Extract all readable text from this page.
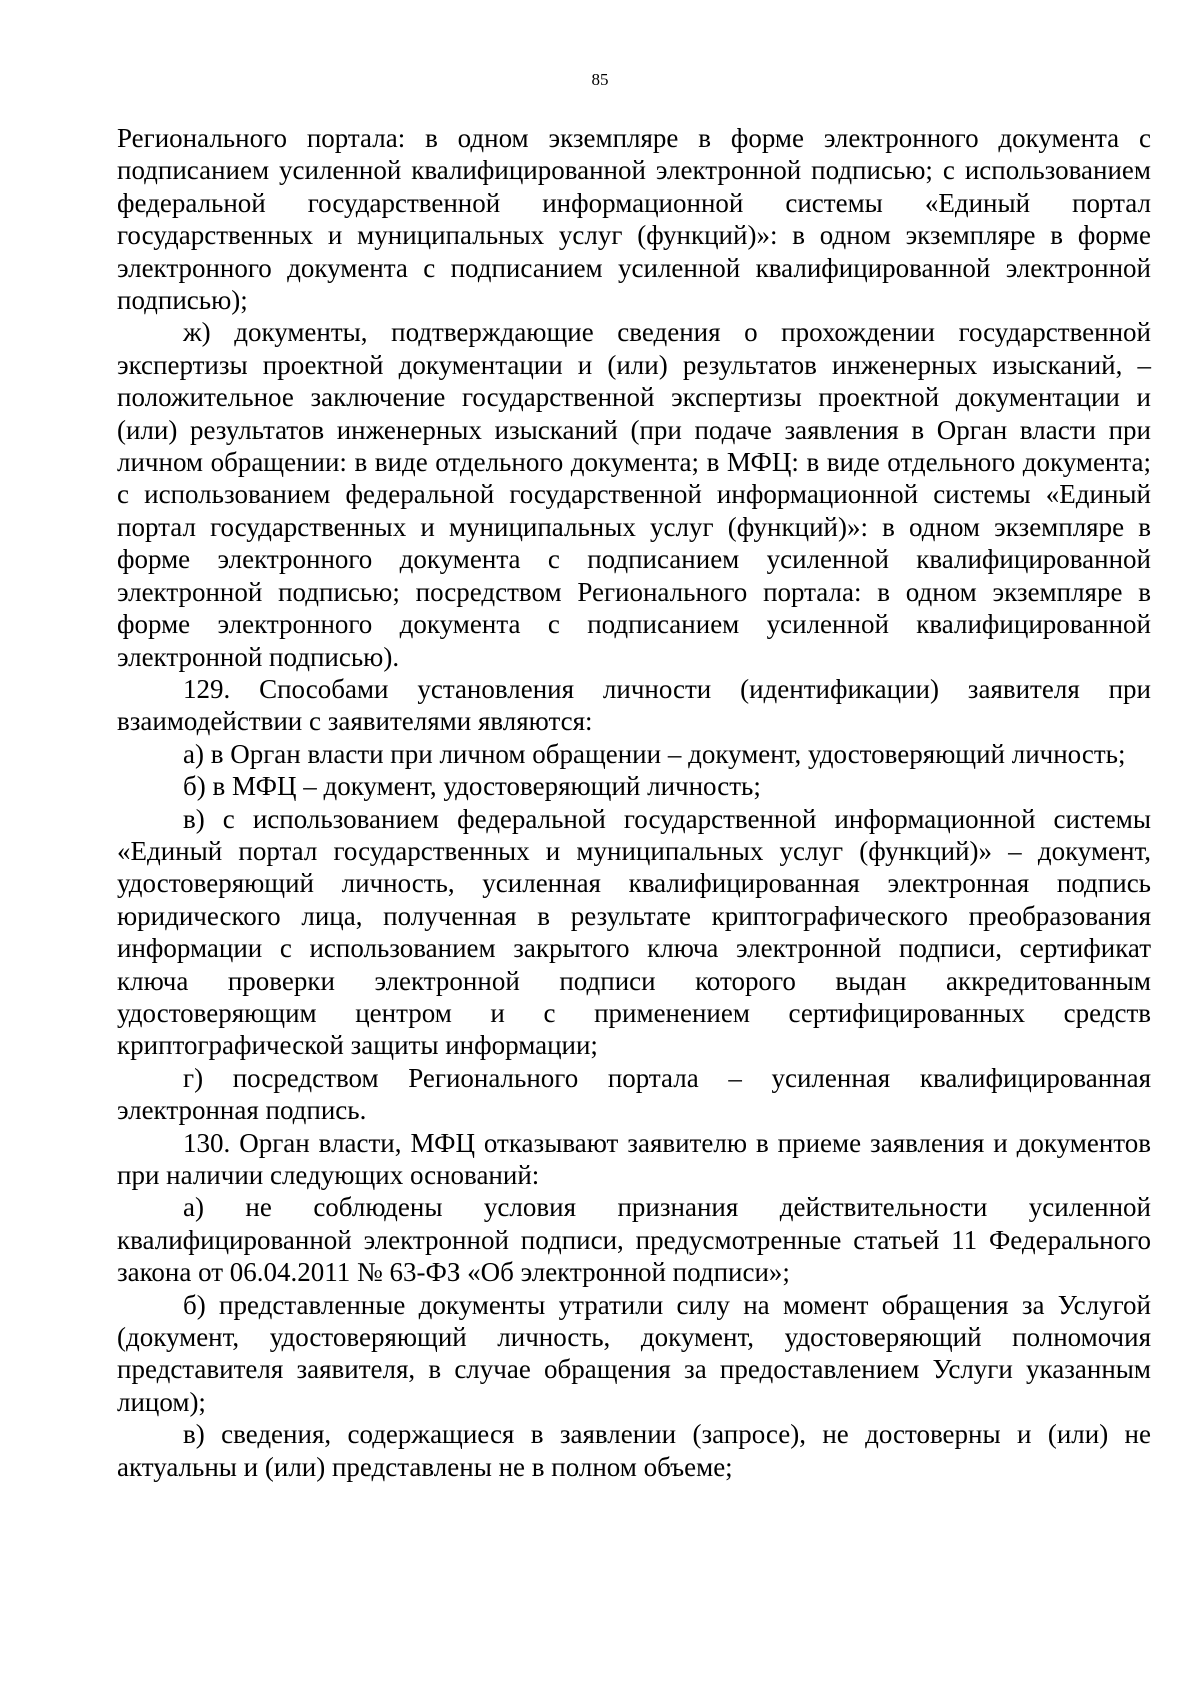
85

Регионального портала: в одном экземпляре в форме электронного документа с подписанием усиленной квалифицированной электронной подписью; с использованием федеральной государственной информационной системы «Единый портал государственных и муниципальных услуг (функций)»: в одном экземпляре в форме электронного документа с подписанием усиленной квалифицированной электронной подписью);

ж) документы, подтверждающие сведения о прохождении государственной экспертизы проектной документации и (или) результатов инженерных изысканий, – положительное заключение государственной экспертизы проектной документации и (или) результатов инженерных изысканий (при подаче заявления в Орган власти при личном обращении: в виде отдельного документа; в МФЦ: в виде отдельного документа; с использованием федеральной государственной информационной системы «Единый портал государственных и муниципальных услуг (функций)»: в одном экземпляре в форме электронного документа с подписанием усиленной квалифицированной электронной подписью; посредством Регионального портала: в одном экземпляре в форме электронного документа с подписанием усиленной квалифицированной электронной подписью).

129. Способами установления личности (идентификации) заявителя при взаимодействии с заявителями являются:

а) в Орган власти при личном обращении – документ, удостоверяющий личность;

б) в МФЦ – документ, удостоверяющий личность;

в) с использованием федеральной государственной информационной системы «Единый портал государственных и муниципальных услуг (функций)» – документ, удостоверяющий личность, усиленная квалифицированная электронная подпись юридического лица, полученная в результате криптографического преобразования информации с использованием закрытого ключа электронной подписи, сертификат ключа проверки электронной подписи которого выдан аккредитованным удостоверяющим центром и с применением сертифицированных средств криптографической защиты информации;

г) посредством Регионального портала – усиленная квалифицированная электронная подпись.

130. Орган власти, МФЦ отказывают заявителю в приеме заявления и документов при наличии следующих оснований:

а) не соблюдены условия признания действительности усиленной квалифицированной электронной подписи, предусмотренные статьей 11 Федерального закона от 06.04.2011 № 63-ФЗ «Об электронной подписи»;

б) представленные документы утратили силу на момент обращения за Услугой (документ, удостоверяющий личность, документ, удостоверяющий полномочия представителя заявителя, в случае обращения за предоставлением Услуги указанным лицом);

в) сведения, содержащиеся в заявлении (запросе), не достоверны и (или) не актуальны и (или) представлены не в полном объеме;
